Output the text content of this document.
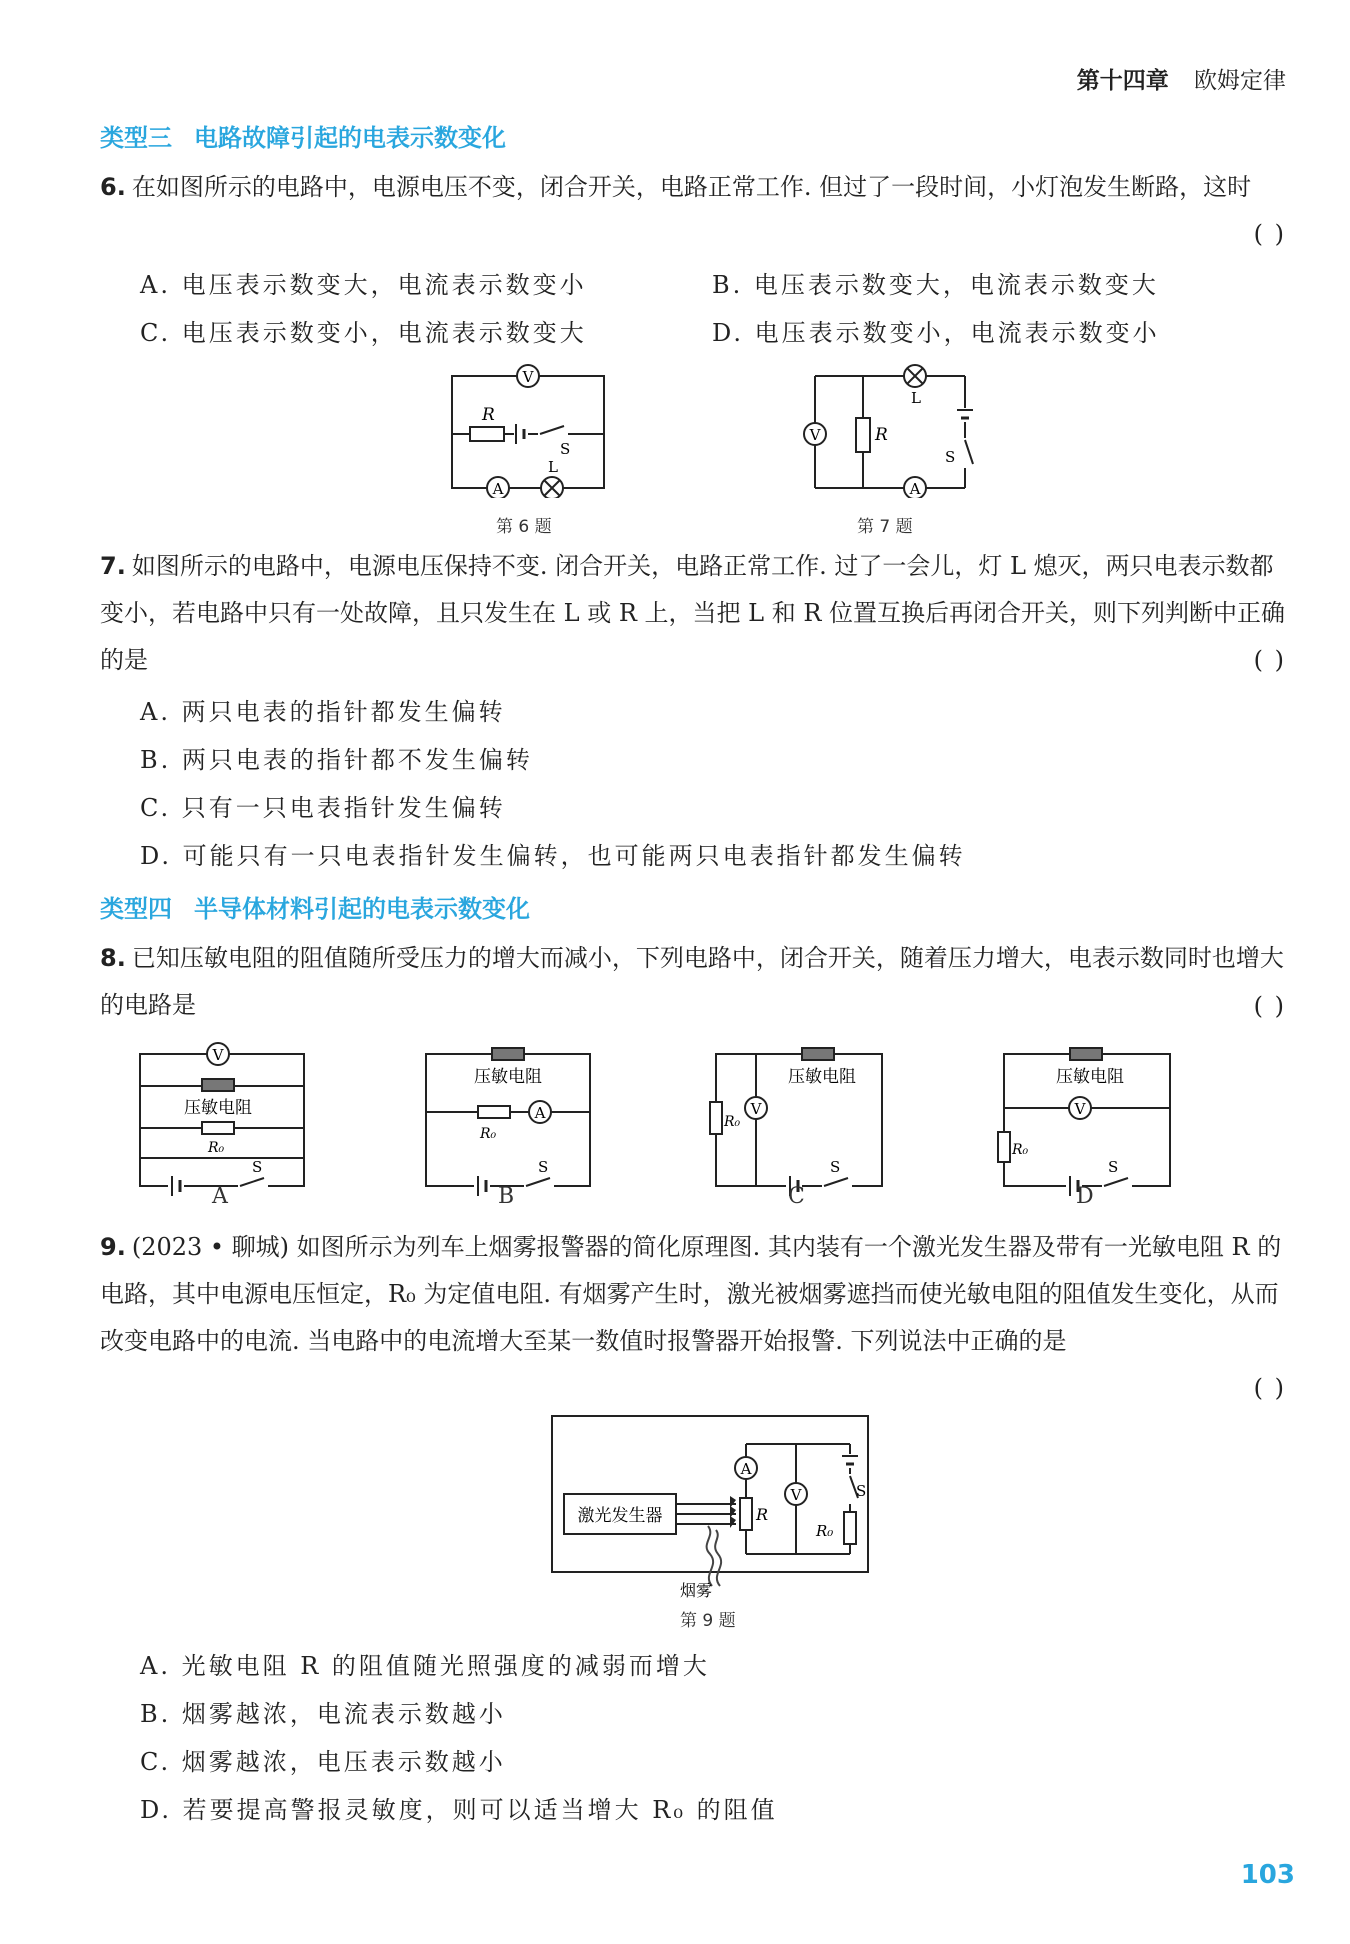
第十四章 欧姆定律
类型三 电路故障引起的电表示数变化
6. 在如图所示的电路中，电源电压不变，闭合开关，电路正常工作. 但过了一段时间，小灯泡发生断路，这时
( )
A. 电压表示数变大，电流表示数变小	B. 电压表示数变大，电流表示数变大
C. 电压表示数变小，电流表示数变大	D. 电压表示数变小，电流表示数变小
V
R
S
A
L
第 6 题
L
V	R
S
A
第 7 题
7. 如图所示的电路中，电源电压保持不变. 闭合开关，电路正常工作. 过了一会儿，灯 L 熄灭，两只电表示数都变小，若电路中只有一处故障，且只发生在 L 或 R 上，当把 L 和 R 位置互换后再闭合开关，则下列判断中正确的是	( )
A. 两只电表的指针都发生偏转
B. 两只电表的指针都不发生偏转
C. 只有一只电表指针发生偏转
D. 可能只有一只电表指针发生偏转，也可能两只电表指针都发生偏转
类型四 半导体材料引起的电表示数变化
8. 已知压敏电阻的阻值随所受压力的增大而减小，下列电路中，闭合开关，随着压力增大，电表示数同时也增大的电路是	( )
V
压敏电阻
R₀
S
A
压敏电阻
R₀
A
S
B
压敏电阻
R₀
V
S
C
压敏电阻
V
R₀
S
D
9. (2023 • 聊城) 如图所示为列车上烟雾报警器的简化原理图. 其内装有一个激光发生器及带有一光敏电阻 R 的电路，其中电源电压恒定，R₀ 为定值电阻. 有烟雾产生时，激光被烟雾遮挡而使光敏电阻的阻值发生变化，从而改变电路中的电流. 当电路中的电流增大至某一数值时报警器开始报警. 下列说法中正确的是
( )
激光发生器
A
R
V	S
R₀
烟雾
第 9 题
A. 光敏电阻 R 的阻值随光照强度的减弱而增大
B. 烟雾越浓，电流表示数越小
C. 烟雾越浓，电压表示数越小
D. 若要提高警报灵敏度，则可以适当增大 R₀ 的阻值
103
